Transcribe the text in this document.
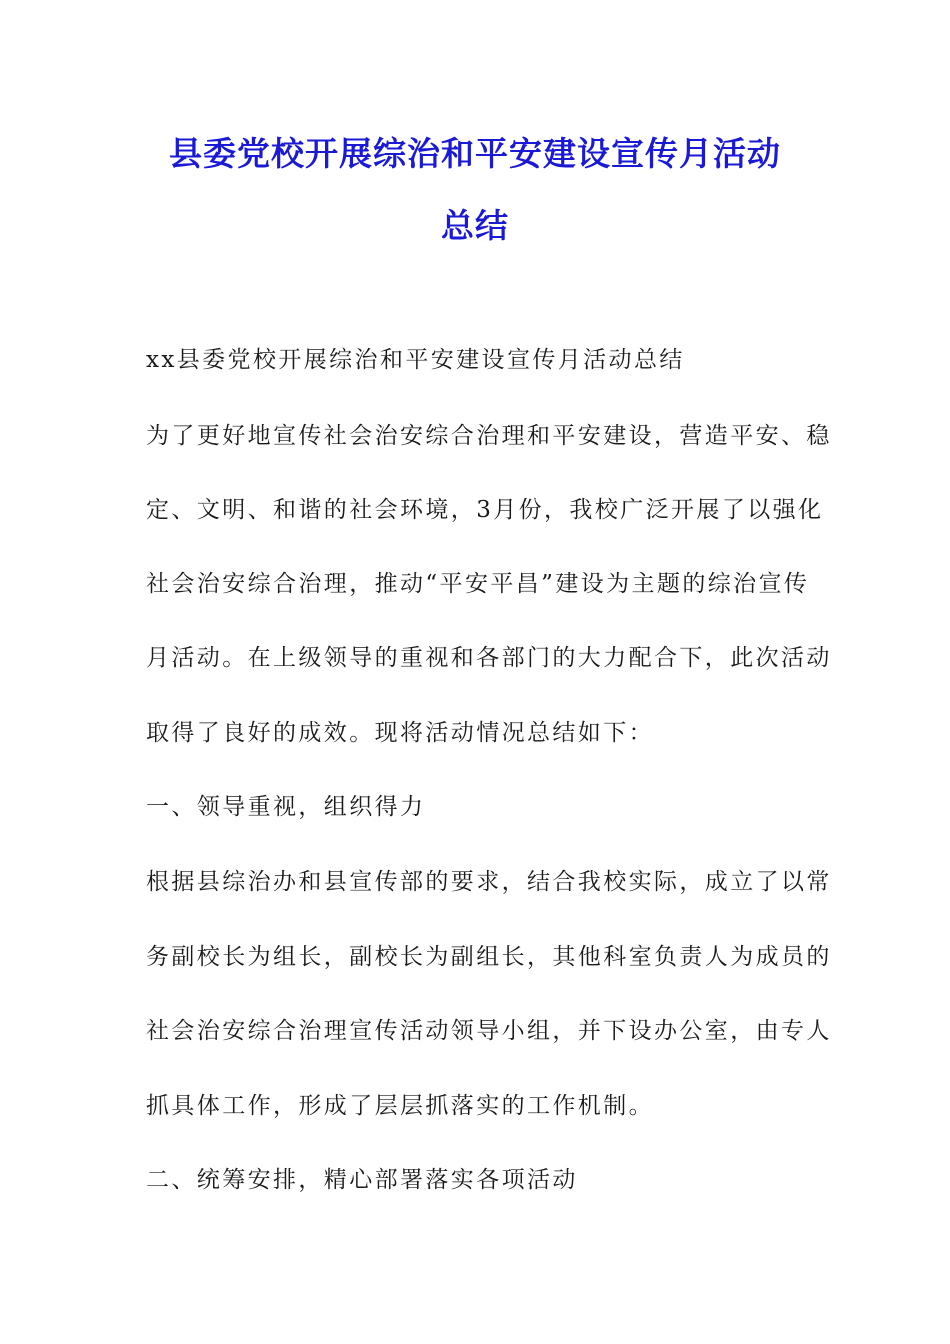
县委党校开展综治和平安建设宣传月活动
总结
xx县委党校开展综治和平安建设宣传月活动总结
为了更好地宣传社会治安综合治理和平安建设，营造平安、稳
定、文明、和谐的社会环境，3月份，我校广泛开展了以强化
社会治安综合治理，推动“平安平昌”建设为主题的综治宣传
月活动。在上级领导的重视和各部门的大力配合下，此次活动
取得了良好的成效。现将活动情况总结如下：
一、领导重视，组织得力
根据县综治办和县宣传部的要求，结合我校实际，成立了以常
务副校长为组长，副校长为副组长，其他科室负责人为成员的
社会治安综合治理宣传活动领导小组，并下设办公室，由专人
抓具体工作，形成了层层抓落实的工作机制。
二、统筹安排，精心部署落实各项活动
